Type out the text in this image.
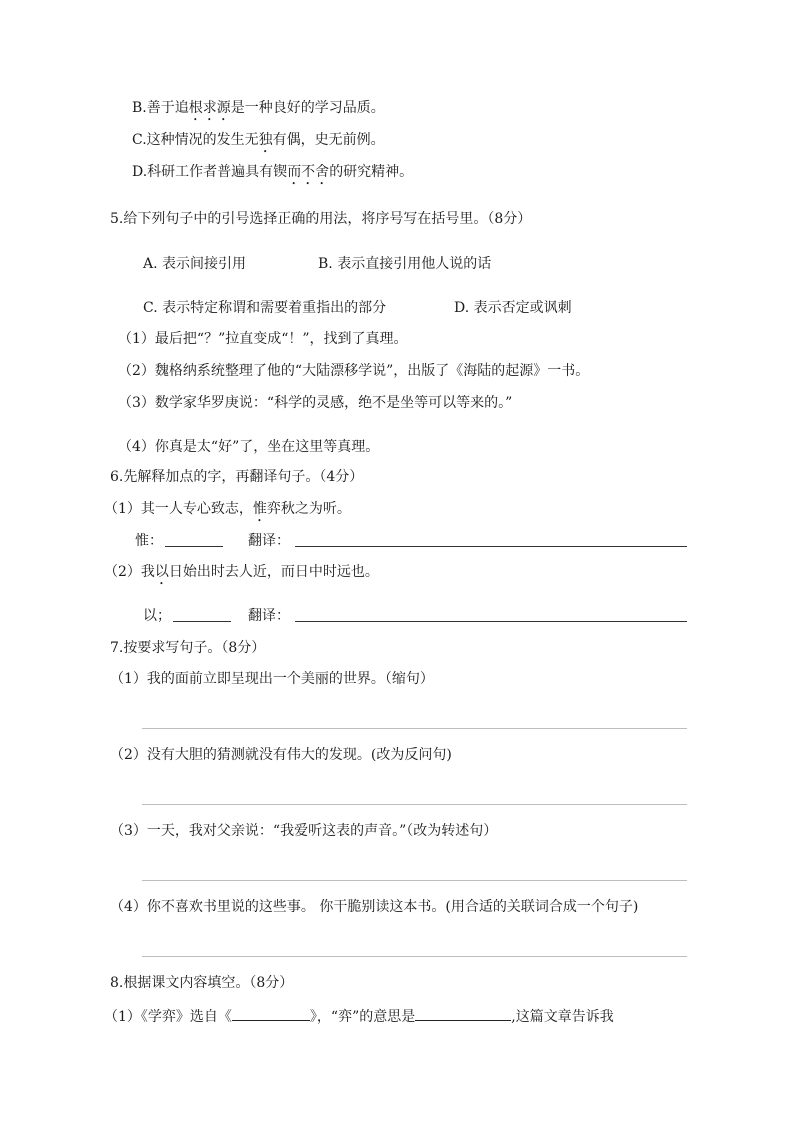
B.善于追根求源是一种良好的学习品质。
C.这种情况的发生无独有偶，史无前例。
D.科研工作者普遍具有锲而不舍的研究精神。
5.给下列句子中的引号选择正确的用法，将序号写在括号里。（8分）
A. 表示间接引用	B. 表示直接引用他人说的话
C. 表示特定称谓和需要着重指出的部分	D. 表示否定或讽刺
（1）最后把“？”拉直变成“！”，找到了真理。
（2）魏格纳系统整理了他的“大陆漂移学说”，出版了《海陆的起源》一书。
（3）数学家华罗庚说：“科学的灵感，绝不是坐等可以等来的。”
（4）你真是太“好”了，坐在这里等真理。
6.先解释加点的字，再翻译句子。（4分）
（1）其一人专心致志，惟弈秋之为听。
惟：	翻译：
（2）我以日始出时去人近，而日中时远也。
以；	翻译：
7.按要求写句子。（8分）
（1）我的面前立即呈现出一个美丽的世界。（缩句）
（2）没有大胆的猜测就没有伟大的发现。(改为反问句)
（3）一天，我对父亲说：“我爱听这表的声音。”（改为转述句）
（4）你不喜欢书里说的这些事。 你干脆别读这本书。(用合适的关联词合成一个句子)
8.根据课文内容填空。（8分）
（1）《学弈》选自《	》，“弈”的意思是	,这篇文章告诉我
